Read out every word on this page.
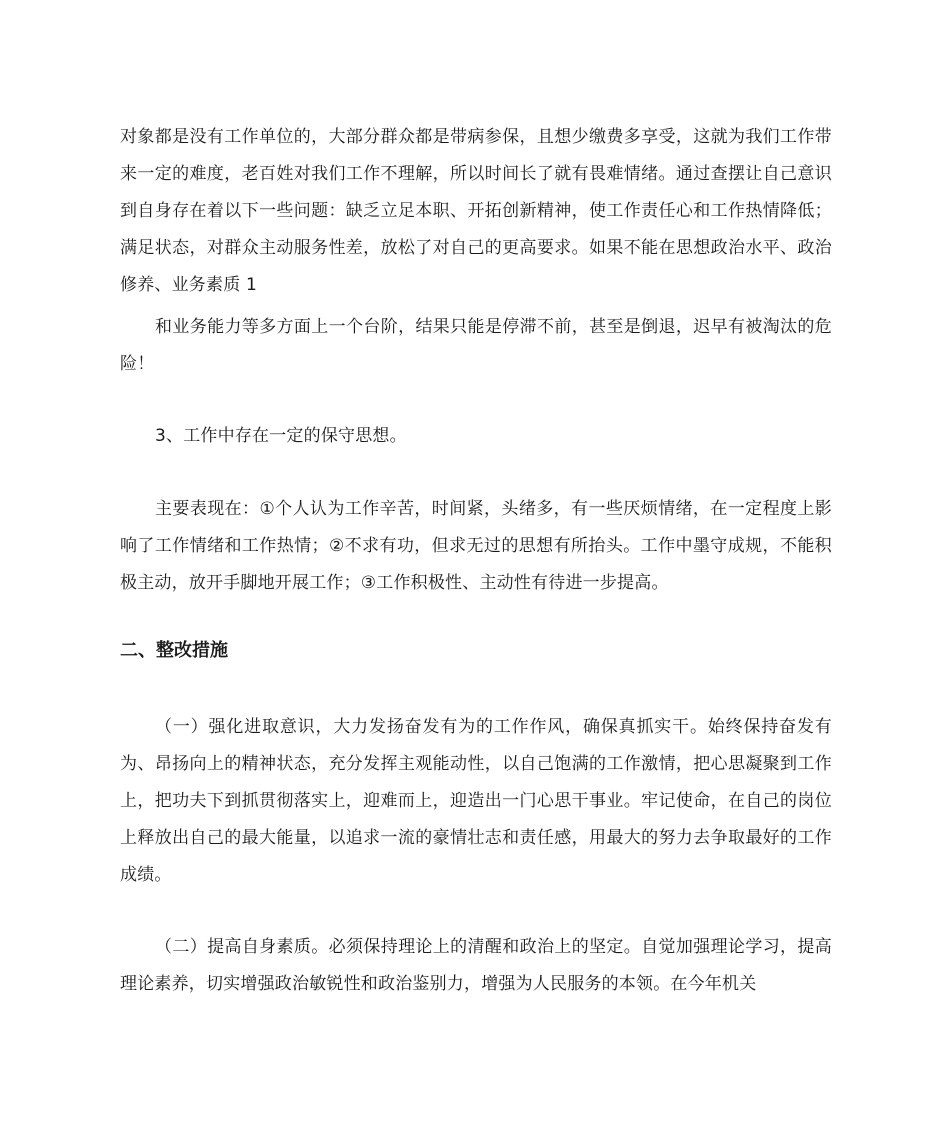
对象都是没有工作单位的，大部分群众都是带病参保，且想少缴费多享受，这就为我们工作带来一定的难度，老百姓对我们工作不理解，所以时间长了就有畏难情绪。通过查摆让自己意识到自身存在着以下一些问题：缺乏立足本职、开拓创新精神，使工作责任心和工作热情降低；满足状态，对群众主动服务性差，放松了对自己的更高要求。如果不能在思想政治水平、政治修养、业务素质 1

和业务能力等多方面上一个台阶，结果只能是停滞不前，甚至是倒退，迟早有被淘汰的危险！

3、工作中存在一定的保守思想。

主要表现在：①个人认为工作辛苦，时间紧，头绪多，有一些厌烦情绪，在一定程度上影响了工作情绪和工作热情；②不求有功，但求无过的思想有所抬头。工作中墨守成规，不能积极主动，放开手脚地开展工作；③工作积极性、主动性有待进一步提高。

二、整改措施

（一）强化进取意识，大力发扬奋发有为的工作作风，确保真抓实干。始终保持奋发有为、昂扬向上的精神状态，充分发挥主观能动性，以自己饱满的工作激情，把心思凝聚到工作上，把功夫下到抓贯彻落实上，迎难而上，迎造出一门心思干事业。牢记使命，在自己的岗位上释放出自己的最大能量，以追求一流的豪情壮志和责任感，用最大的努力去争取最好的工作成绩。

（二）提高自身素质。必须保持理论上的清醒和政治上的坚定。自觉加强理论学习，提高理论素养，切实增强政治敏锐性和政治鉴别力，增强为人民服务的本领。在今年机关
